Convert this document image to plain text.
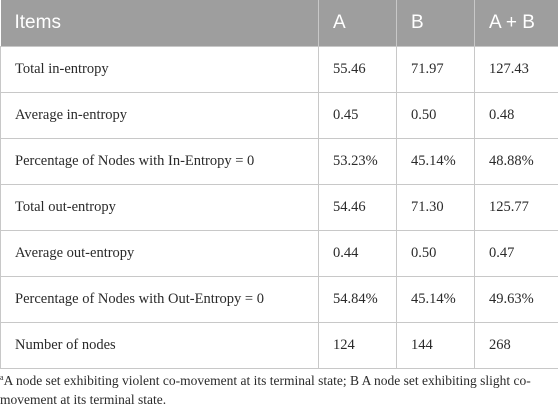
Items	A	B	A + B
Total in-entropy	55.46	71.97	127.43
Average in-entropy	0.45	0.50	0.48
Percentage of Nodes with In-Entropy = 0	53.23%	45.14%	48.88%
Total out-entropy	54.46	71.30	125.77
Average out-entropy	0.44	0.50	0.47
Percentage of Nodes with Out-Entropy = 0	54.84%	45.14%	49.63%
Number of nodes	124	144	268
$^a$A node set exhibiting violent co-movement at its terminal state; B A node set exhibiting slight co-movement at its terminal state.
